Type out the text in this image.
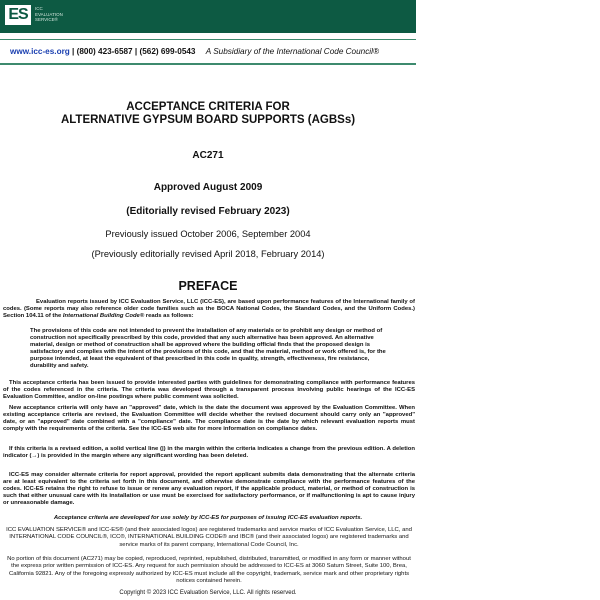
ES	ICC
EVALUATION
SERVICE®
www.icc-es.org | (800) 423-6587 | (562) 699-0543 A Subsidiary of the International Code Council®
ACCEPTANCE CRITERIA FOR
ALTERNATIVE GYPSUM BOARD SUPPORTS (AGBSs)
AC271
Approved August 2009
(Editorially revised February 2023)
Previously issued October 2006, September 2004
(Previously editorially revised April 2018, February 2014)
PREFACE
Evaluation reports issued by ICC Evaluation Service, LLC (ICC-ES), are based upon performance features of the International family of codes. (Some reports may also reference older code families such as the BOCA National Codes, the Standard Codes, and the Uniform Codes.) Section 104.11 of the International Building Code® reads as follows:
The provisions of this code are not intended to prevent the installation of any materials or to prohibit any design or method of construction not specifically prescribed by this code, provided that any such alternative has been approved. An alternative material, design or method of construction shall be approved where the building official finds that the proposed design is satisfactory and complies with the intent of the provisions of this code, and that the material, method or work offered is, for the purpose intended, at least the equivalent of that prescribed in this code in quality, strength, effectiveness, fire resistance, durability and safety.
This acceptance criteria has been issued to provide interested parties with guidelines for demonstrating compliance with performance features of the codes referenced in the criteria. The criteria was developed through a transparent process involving public hearings of the ICC-ES Evaluation Committee, and/or on-line postings where public comment was solicited.
New acceptance criteria will only have an "approved" date, which is the date the document was approved by the Evaluation Committee. When existing acceptance criteria are revised, the Evaluation Committee will decide whether the revised document should carry only an "approved" date, or an "approved" date combined with a "compliance" date. The compliance date is the date by which relevant evaluation reports must comply with the requirements of the criteria. See the ICC-ES web site for more information on compliance dates.
If this criteria is a revised edition, a solid vertical line (|) in the margin within the criteria indicates a change from the previous edition. A deletion indicator (→) is provided in the margin where any significant wording has been deleted.
ICC-ES may consider alternate criteria for report approval, provided the report applicant submits data demonstrating that the alternate criteria are at least equivalent to the criteria set forth in this document, and otherwise demonstrate compliance with the performance features of the codes. ICC-ES retains the right to refuse to issue or renew any evaluation report, if the applicable product, material, or method of construction is such that either unusual care with its installation or use must be exercised for satisfactory performance, or if malfunctioning is apt to cause injury or unreasonable damage.
Acceptance criteria are developed for use solely by ICC-ES for purposes of issuing ICC-ES evaluation reports.
ICC EVALUATION SERVICE® and ICC-ES® (and their associated logos) are registered trademarks and service marks of ICC Evaluation Service, LLC, and INTERNATIONAL CODE COUNCIL®, ICC®, INTERNATIONAL BUILDING CODE® and IBC® (and their associated logos) are registered trademarks and service marks of its parent company, International Code Council, Inc.
No portion of this document (AC271) may be copied, reproduced, reprinted, republished, distributed, transmitted, or modified in any form or manner without the express prior written permission of ICC-ES. Any request for such permission should be addressed to ICC-ES at 3060 Saturn Street, Suite 100, Brea, California 92821. Any of the foregoing expressly authorized by ICC-ES must include all the copyright, trademark, service mark and other proprietary rights notices contained herein.
Copyright © 2023 ICC Evaluation Service, LLC. All rights reserved.
